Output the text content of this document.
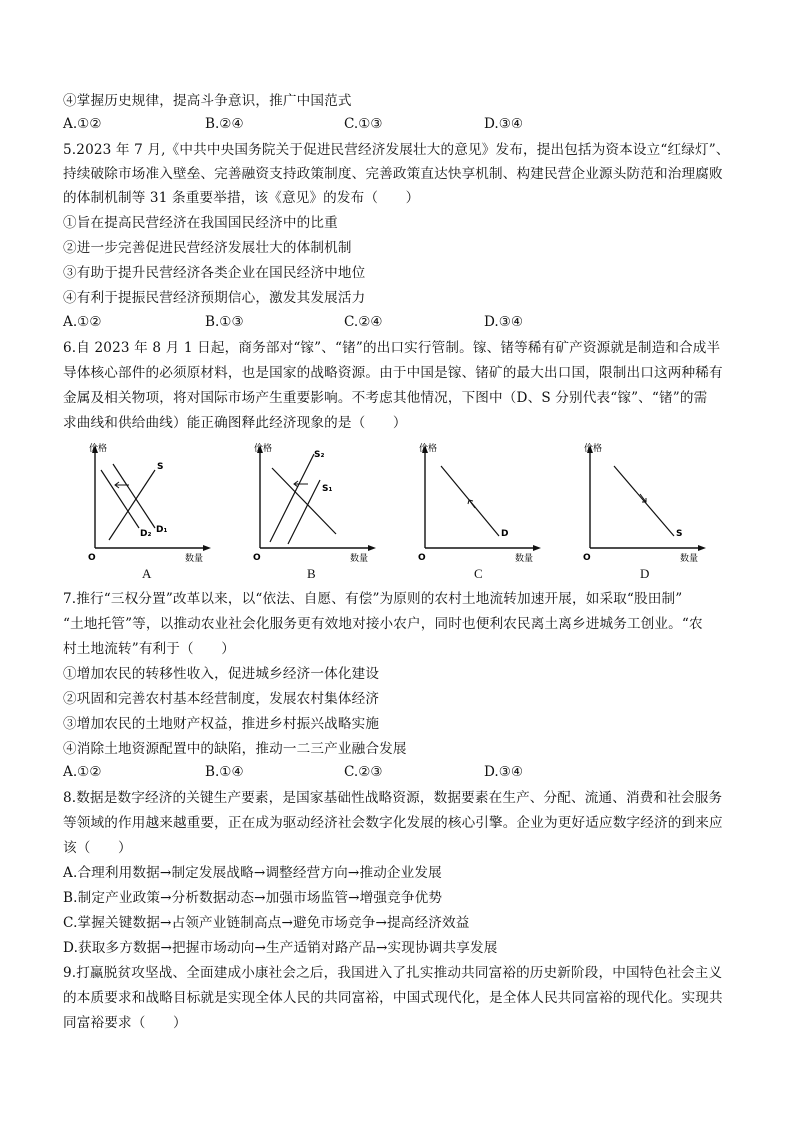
④掌握历史规律，提高斗争意识，推广中国范式
A.①②	B.②④	C.①③	D.③④
5.2023 年 7 月,《中共中央国务院关于促进民营经济发展壮大的意见》发布，提出包括为资本设立“红绿灯”、
持续破除市场准入壁垒、完善融资支持政策制度、完善政策直达快享机制、构建民营企业源头防范和治理腐败
的体制机制等 31 条重要举措，该《意见》的发布（　　）
①旨在提高民营经济在我国国民经济中的比重
②进一步完善促进民营经济发展壮大的体制机制
③有助于提升民营经济各类企业在国民经济中地位
④有利于提振民营经济预期信心，激发其发展活力
A.①②	B.①③	C.②④	D.③④
6.自 2023 年 8 月 1 日起，商务部对“镓”、“锗”的出口实行管制。镓、锗等稀有矿产资源就是制造和合成半
导体核心部件的必须原材料，也是国家的战略资源。由于中国是镓、锗矿的最大出口国，限制出口这两种稀有
金属及相关物项，将对国际市场产生重要影响。不考虑其他情况，下图中（D、S 分别代表“镓”、“锗”的需
求曲线和供给曲线）能正确图释此经济现象的是（　　）
价格
数量
O
S
D₂ D₁
A
价格
数量
O
S₂
S₁
B
价格
数量
O
D
C
价格
数量
O
S
D
7.推行“三权分置”改革以来，以“依法、自愿、有偿”为原则的农村土地流转加速开展，如采取“股田制”
“土地托管”等，以推动农业社会化服务更有效地对接小农户，同时也便利农民离土离乡进城务工创业。“农
村土地流转”有利于（　　）
①增加农民的转移性收入，促进城乡经济一体化建设
②巩固和完善农村基本经营制度，发展农村集体经济
③增加农民的土地财产权益，推进乡村振兴战略实施
④消除土地资源配置中的缺陷，推动一二三产业融合发展
A.①②	B.①④	C.②③	D.③④
8.数据是数字经济的关键生产要素，是国家基础性战略资源，数据要素在生产、分配、流通、消费和社会服务
等领域的作用越来越重要，正在成为驱动经济社会数字化发展的核心引擎。企业为更好适应数字经济的到来应
该（　　）
A.合理利用数据→制定发展战略→调整经营方向→推动企业发展
B.制定产业政策→分析数据动态→加强市场监管→增强竞争优势
C.掌握关键数据→占领产业链制高点→避免市场竞争→提高经济效益
D.获取多方数据→把握市场动向→生产适销对路产品→实现协调共享发展
9.打赢脱贫攻坚战、全面建成小康社会之后，我国进入了扎实推动共同富裕的历史新阶段，中国特色社会主义
的本质要求和战略目标就是实现全体人民的共同富裕，中国式现代化，是全体人民共同富裕的现代化。实现共
同富裕要求（　　）
